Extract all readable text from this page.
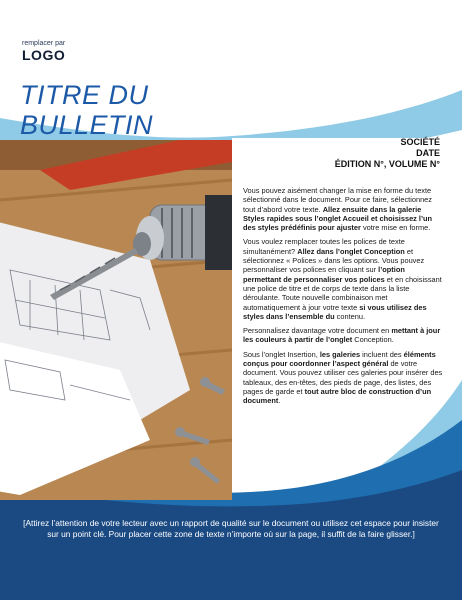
remplacer par
LOGO
TITRE DU
BULLETIN
SOCIÉTÉ
DATE
ÉDITION N°, VOLUME N°

Vous pouvez aisément changer la mise en forme du texte sélectionné dans le document. Pour ce faire, sélectionnez tout d’abord votre texte. Allez ensuite dans la galerie Styles rapides sous l’onglet Accueil et choisissez l’un des styles prédéfinis pour ajuster votre mise en forme.

Vous voulez remplacer toutes les polices de texte simultanément? Allez dans l’onglet Conception et sélectionnez « Polices » dans les options. Vous pouvez personnaliser vos polices en cliquant sur l’option permettant de personnaliser vos polices et en choisissant une police de titre et de corps de texte dans la liste déroulante. Toute nouvelle combinaison met automatiquement à jour votre texte si vous utilisez des styles dans l’ensemble du contenu.

Personnalisez davantage votre document en mettant à jour les couleurs à partir de l’onglet Conception.

Sous l’onglet Insertion, les galeries incluent des éléments conçus pour coordonner l’aspect général de votre document. Vous pouvez utiliser ces galeries pour insérer des tableaux, des en-têtes, des pieds de page, des listes, des pages de garde et tout autre bloc de construction d’un document.

[Attirez l’attention de votre lecteur avec un rapport de qualité sur le document ou utilisez cet espace pour insister sur un point clé. Pour placer cette zone de texte n’importe où sur la page, il suffit de la faire glisser.]
